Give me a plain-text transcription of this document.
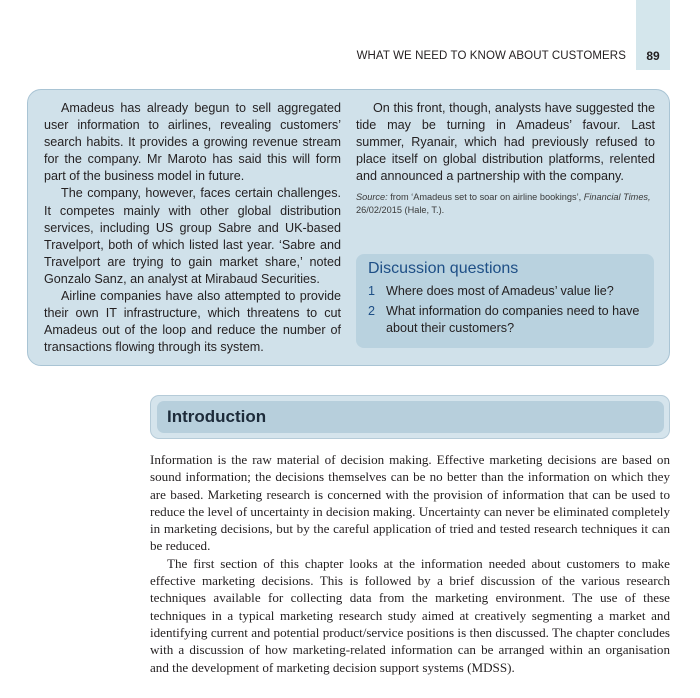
WHAT WE NEED TO KNOW ABOUT CUSTOMERS	89

Amadeus has already begun to sell aggregated user information to airlines, revealing customers’ search habits. It provides a growing revenue stream for the company. Mr Maroto has said this will form part of the business model in future.

The company, however, faces certain challenges. It competes mainly with other global distribution services, including US group Sabre and UK-based Travelport, both of which listed last year. ‘Sabre and Travelport are trying to gain market share,’ noted Gonzalo Sanz, an analyst at Mirabaud Securities.

Airline companies have also attempted to provide their own IT infrastructure, which threatens to cut Amadeus out of the loop and reduce the number of transactions flowing through its system.

On this front, though, analysts have suggested the tide may be turning in Amadeus’ favour. Last summer, Ryanair, which had previously refused to place itself on global distribution platforms, relented and announced a partnership with the company.

Source: from ‘Amadeus set to soar on airline bookings’, Financial Times, 26/02/2015 (Hale, T.).

Discussion questions
1 Where does most of Amadeus’ value lie?
2 What information do companies need to have about their customers?
Introduction

Information is the raw material of decision making. Effective marketing decisions are based on sound information; the decisions themselves can be no better than the information on which they are based. Marketing research is concerned with the provision of information that can be used to reduce the level of uncertainty in decision making. Uncertainty can never be eliminated completely in marketing decisions, but by the careful application of tried and tested research techniques it can be reduced.

The first section of this chapter looks at the information needed about customers to make effective marketing decisions. This is followed by a brief discussion of the various research techniques available for collecting data from the marketing environment. The use of these techniques in a typical marketing research study aimed at creatively segmenting a market and identifying current and potential product/service positions is then discussed. The chapter concludes with a discussion of how marketing-related information can be arranged within an organisation and the development of marketing decision support systems (MDSS).
